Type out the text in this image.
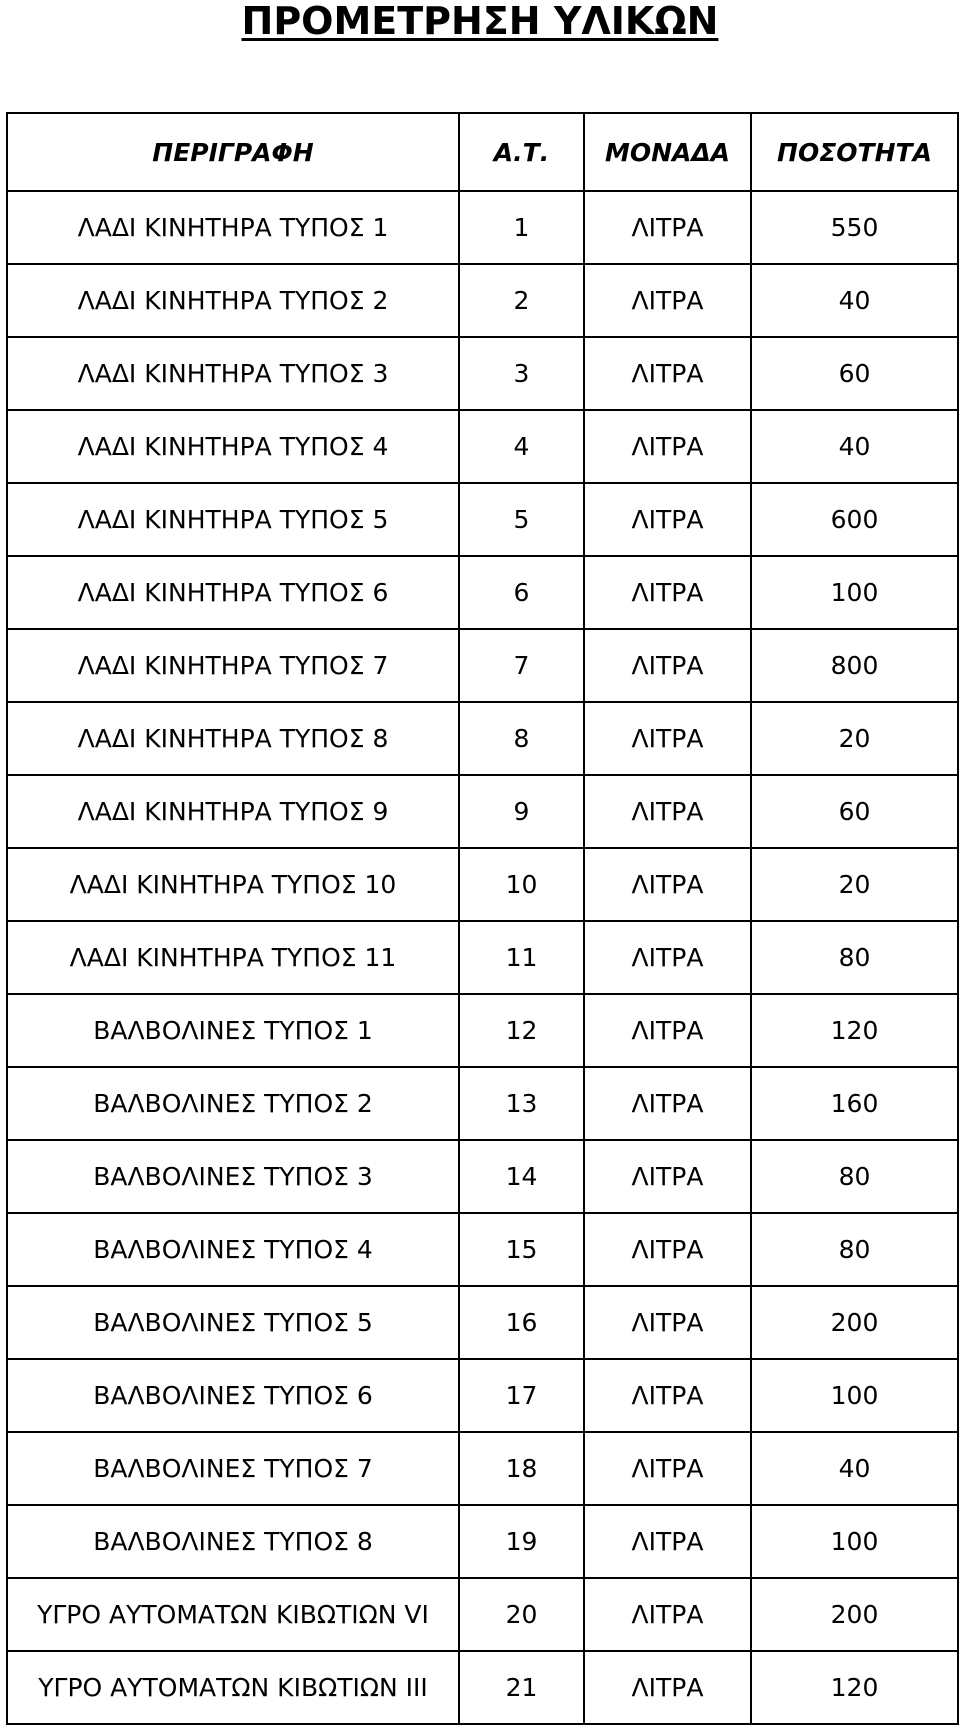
ΠΡΟΜΕΤΡΗΣΗ ΥΛΙΚΩΝ
ΠΕΡΙΓΡΑΦΗ	Α.Τ.	ΜΟΝΑΔΑ	ΠΟΣΟΤΗΤΑ
ΛΑΔΙ ΚΙΝΗΤΗΡΑ ΤΥΠΟΣ 1	1	ΛΙΤΡΑ	550
ΛΑΔΙ ΚΙΝΗΤΗΡΑ ΤΥΠΟΣ 2	2	ΛΙΤΡΑ	40
ΛΑΔΙ ΚΙΝΗΤΗΡΑ ΤΥΠΟΣ 3	3	ΛΙΤΡΑ	60
ΛΑΔΙ ΚΙΝΗΤΗΡΑ ΤΥΠΟΣ 4	4	ΛΙΤΡΑ	40
ΛΑΔΙ ΚΙΝΗΤΗΡΑ ΤΥΠΟΣ 5	5	ΛΙΤΡΑ	600
ΛΑΔΙ ΚΙΝΗΤΗΡΑ ΤΥΠΟΣ 6	6	ΛΙΤΡΑ	100
ΛΑΔΙ ΚΙΝΗΤΗΡΑ ΤΥΠΟΣ 7	7	ΛΙΤΡΑ	800
ΛΑΔΙ ΚΙΝΗΤΗΡΑ ΤΥΠΟΣ 8	8	ΛΙΤΡΑ	20
ΛΑΔΙ ΚΙΝΗΤΗΡΑ ΤΥΠΟΣ 9	9	ΛΙΤΡΑ	60
ΛΑΔΙ ΚΙΝΗΤΗΡΑ ΤΥΠΟΣ 10	10	ΛΙΤΡΑ	20
ΛΑΔΙ ΚΙΝΗΤΗΡΑ ΤΥΠΟΣ 11	11	ΛΙΤΡΑ	80
ΒΑΛΒΟΛΙΝΕΣ ΤΥΠΟΣ 1	12	ΛΙΤΡΑ	120
ΒΑΛΒΟΛΙΝΕΣ ΤΥΠΟΣ 2	13	ΛΙΤΡΑ	160
ΒΑΛΒΟΛΙΝΕΣ ΤΥΠΟΣ 3	14	ΛΙΤΡΑ	80
ΒΑΛΒΟΛΙΝΕΣ ΤΥΠΟΣ 4	15	ΛΙΤΡΑ	80
ΒΑΛΒΟΛΙΝΕΣ ΤΥΠΟΣ 5	16	ΛΙΤΡΑ	200
ΒΑΛΒΟΛΙΝΕΣ ΤΥΠΟΣ 6	17	ΛΙΤΡΑ	100
ΒΑΛΒΟΛΙΝΕΣ ΤΥΠΟΣ 7	18	ΛΙΤΡΑ	40
ΒΑΛΒΟΛΙΝΕΣ ΤΥΠΟΣ 8	19	ΛΙΤΡΑ	100
ΥΓΡΟ ΑΥΤΟΜΑΤΩΝ ΚΙΒΩΤΙΩΝ VI	20	ΛΙΤΡΑ	200
ΥΓΡΟ ΑΥΤΟΜΑΤΩΝ ΚΙΒΩΤΙΩΝ III	21	ΛΙΤΡΑ	120
